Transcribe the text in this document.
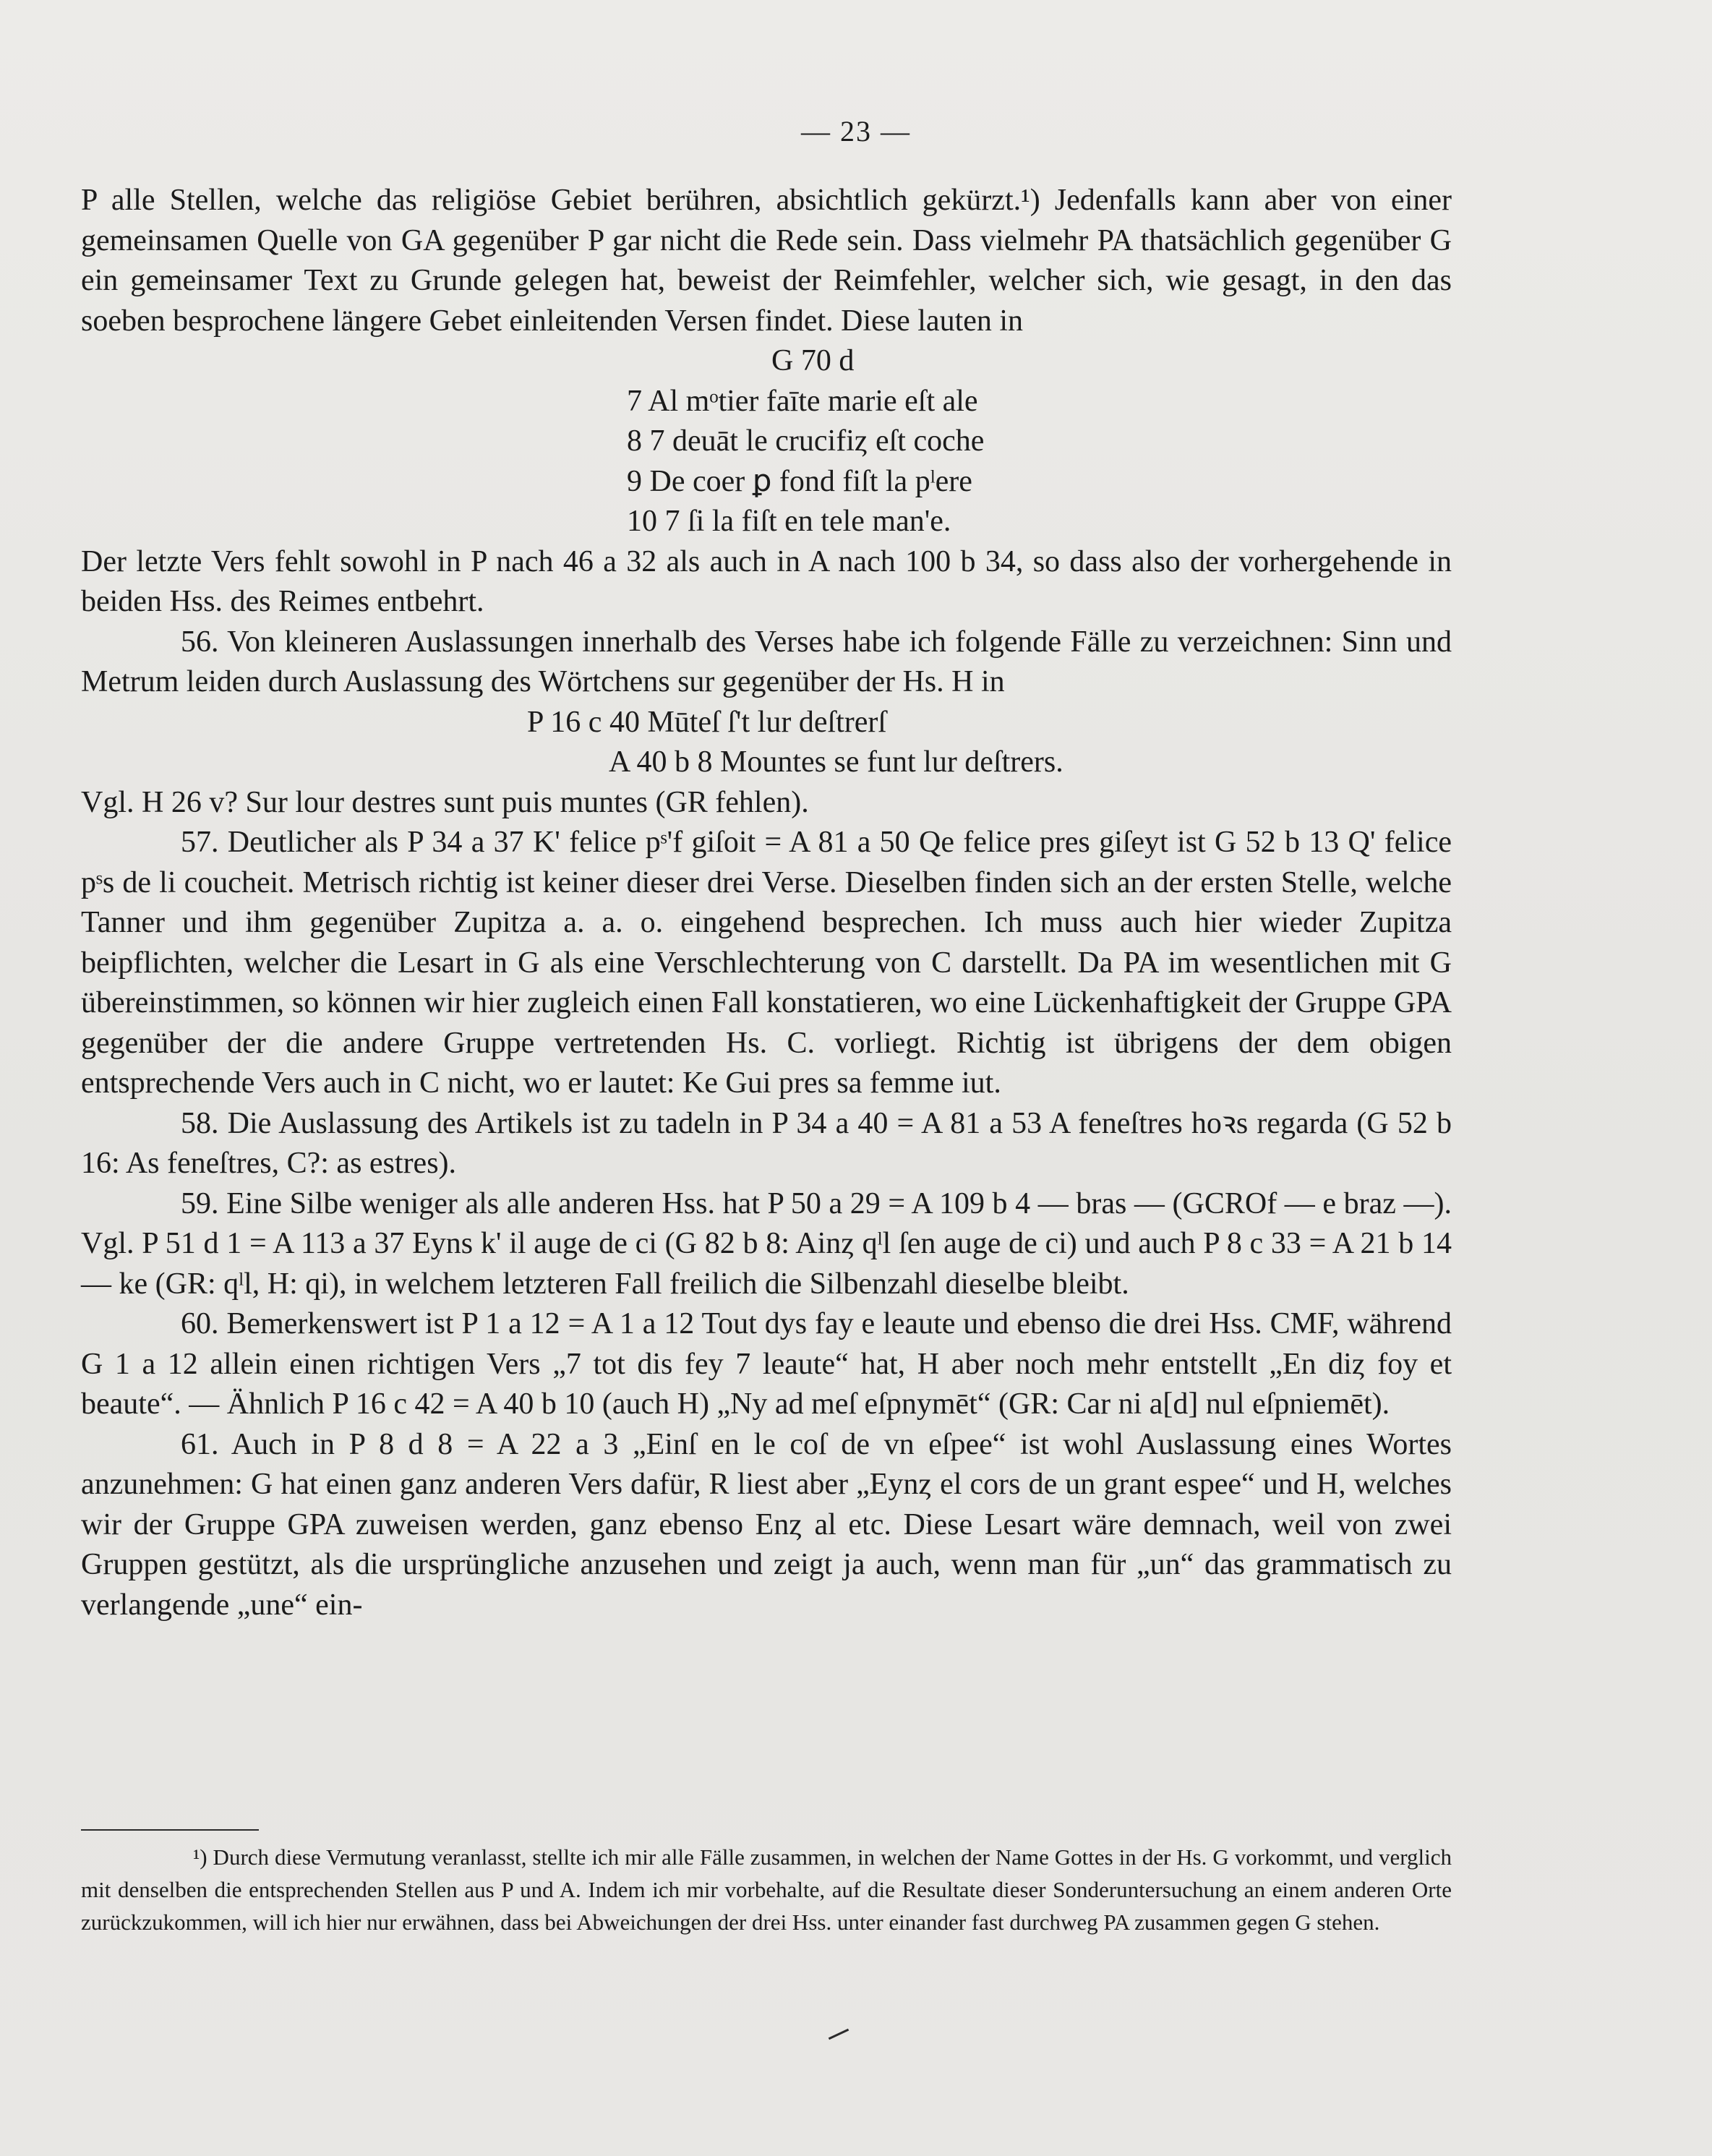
— 23 —

P alle Stellen, welche das religiöse Gebiet berühren, absichtlich gekürzt.¹) Jedenfalls kann aber von einer gemeinsamen Quelle von GA gegenüber P gar nicht die Rede sein. Dass vielmehr PA thatsächlich gegenüber G ein gemeinsamer Text zu Grunde gelegen hat, beweist der Reimfehler, welcher sich, wie gesagt, in den das soeben besprochene längere Gebet einleitenden Versen findet. Diese lauten in

G 70 d

7 Al mᵒtier faīte marie eſt ale

8 7 deuāt le crucifiȥ eſt coche

9 De coer ꝑ fond fiſt la pˡere

10 7 ſi la fiſt en tele man'e.

Der letzte Vers fehlt sowohl in P nach 46 a 32 als auch in A nach 100 b 34, so dass also der vorhergehende in beiden Hss. des Reimes entbehrt.

56. Von kleineren Auslassungen innerhalb des Verses habe ich folgende Fälle zu verzeichnen: Sinn und Metrum leiden durch Auslassung des Wörtchens sur gegenüber der Hs. H in

P 16 c 40 Mūteſ ſ't lur deſtrerſ

A 40 b 8 Mountes se funt lur deſtrers.

Vgl. H 26 v? Sur lour destres sunt puis muntes (GR fehlen).

57. Deutlicher als P 34 a 37 K' felice pˢ'f giſoit = A 81 a 50 Qe felice pres giſeyt ist G 52 b 13 Q' felice pˢs de li coucheit. Metrisch richtig ist keiner dieser drei Verse. Dieselben finden sich an der ersten Stelle, welche Tanner und ihm gegenüber Zupitza a. a. o. eingehend besprechen. Ich muss auch hier wieder Zupitza beipflichten, welcher die Lesart in G als eine Verschlechterung von C darstellt. Da PA im wesentlichen mit G übereinstimmen, so können wir hier zugleich einen Fall konstatieren, wo eine Lückenhaftigkeit der Gruppe GPA gegenüber der die andere Gruppe vertretenden Hs. C. vorliegt. Richtig ist übrigens der dem obigen entsprechende Vers auch in C nicht, wo er lautet: Ke Gui pres sa femme iut.

58. Die Auslassung des Artikels ist zu tadeln in P 34 a 40 = A 81 a 53 A feneſtres hoꝛs regarda (G 52 b 16: As feneſtres, C?: as estres).

59. Eine Silbe weniger als alle anderen Hss. hat P 50 a 29 = A 109 b 4 — bras — (GCROf — e braz —). Vgl. P 51 d 1 = A 113 a 37 Eyns k' il auge de ci (G 82 b 8: Ainȥ qˡl ſen auge de ci) und auch P 8 c 33 = A 21 b 14 — ke (GR: qˡl, H: qi), in welchem letzteren Fall freilich die Silbenzahl dieselbe bleibt.

60. Bemerkenswert ist P 1 a 12 = A 1 a 12 Tout dys fay e leaute und ebenso die drei Hss. CMF, während G 1 a 12 allein einen richtigen Vers „7 tot dis fey 7 leaute“ hat, H aber noch mehr entstellt „En diȥ foy et beaute“. — Ähnlich P 16 c 42 = A 40 b 10 (auch H) „Ny ad meſ eſpnymēt“ (GR: Car ni a[d] nul eſpniemēt).

61. Auch in P 8 d 8 = A 22 a 3 „Einſ en le coſ de vn eſpee“ ist wohl Auslassung eines Wortes anzunehmen: G hat einen ganz anderen Vers dafür, R liest aber „Eynȥ el cors de un grant espee“ und H, welches wir der Gruppe GPA zuweisen werden, ganz ebenso Enȥ al etc. Diese Lesart wäre demnach, weil von zwei Gruppen gestützt, als die ursprüngliche anzusehen und zeigt ja auch, wenn man für „un“ das grammatisch zu verlangende „une“ ein-

¹) Durch diese Vermutung veranlasst, stellte ich mir alle Fälle zusammen, in welchen der Name Gottes in der Hs. G vorkommt, und verglich mit denselben die entsprechenden Stellen aus P und A. Indem ich mir vorbehalte, auf die Resultate dieser Sonderuntersuchung an einem anderen Orte zurückzukommen, will ich hier nur erwähnen, dass bei Abweichungen der drei Hss. unter einander fast durchweg PA zusammen gegen G stehen.
